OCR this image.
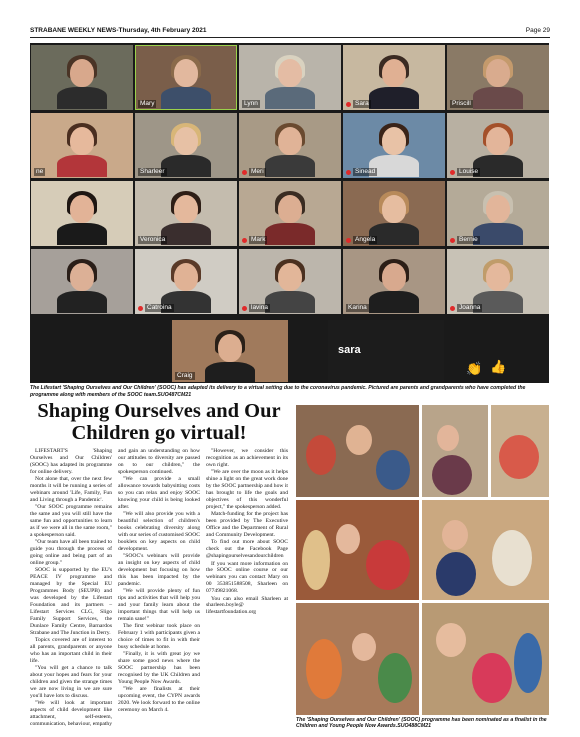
STRABANE WEEKLY NEWS-Thursday, 4th February 2021	Page 29
Mary	Lynn	Sara	Priscill
ne	Sharleer	Meri	Sinead	Louise
Veronica	Mark	Angela	Bernie
Catroina	lavina	Karina	Joanna
Craig
sara
👏 👍
The Lifestart 'Shaping Ourselves and Our Children' (SOOC) has adapted its delivery to a virtual setting due to the coronavirus pandemic. Pictured are parents and grandparents who have completed the programme along with members of the SOOC team.SUO487CM21
Shaping Ourselves and Our Children go virtual!

LIFESTART'S 'Shaping Ourselves and Our Children' (SOOC) has adapted its programme for online delivery.

Not alone that, over the next few months it will be running a series of webinars around 'Life, Family, Fun and Living through a Pandemic'.

"Our SOOC programme remains the same and you will still have the same fun and opportunities to learn as if we were all in the same room," a spokesperson said.

"Our team have all been trained to guide you through the process of going online and being part of an online group."

SOOC is supported by the EU's PEACE IV programme and managed by the Special EU Programmes Body (SEUPB) and was developed by the Lifestart Foundation and its partners – Lifestart Services CLG, Sligo Family Support Services, the Dunlace Family Centre, Barnardos Strabane and The Junction in Derry.

Topics covered are of interest to all parents, grandparents or anyone who has an important child in their life.

"You will get a chance to talk about your hopes and fears for your children and given the strange times we are now living in we are sure you'll have lots to discuss.

"We will look at important aspects of child development like attachment, self-esteem, communication, behaviour, empathy and gain an understanding on how our attitudes to diversity are passed on to our children," the spokesperson continued.

"We can provide a small allowance towards babysitting costs so you can relax and enjoy SOOC knowing your child is being looked after.

"We will also provide you with a beautiful selection of children's books celebrating diversity along with our series of customised SOOC booklets on key aspects on child development.

"SOOC's webinars will provide an insight on key aspects of child development but focusing on how this has been impacted by the pandemic.

"We will provide plenty of fun tips and activities that will help you and your family learn about the important things that will help us remain sane!"

The first webinar took place on February 1 with participants given a choice of times to fit in with their busy schedule at home.

"Finally, it is with great joy we share some good news where the SOOC partnership has been recognised by the UK Children and Young People Now Awards.

"We are finalists at their upcoming event, the CYPN awards 2020. We look forward to the online ceremony on March 4.

"However, we consider this recognition as an achievement in its own right.

"We are over the moon as it helps shine a light on the great work done by the SOOC partnership and how it has brought to life the goals and objectives of this wonderful project," the spokesperson added.

Match-funding for the project has been provided by The Executive Office and the Department of Rural and Community Development.

To find out more about SOOC check out the Facebook Page @shapingourselvesandourchildren

If you want more information on the SOOC online course or our webinars you can contact Mary on 00 353851588508, Sharleen on 07749821068.

You can also email Sharleen at sharleen.boyle@ lifestartfoundation.org

The 'Shaping Ourselves and Our Children' (SOOC) programme has been nominated as a finalist in the Children and Young People Now Awards.SUO488CM21
